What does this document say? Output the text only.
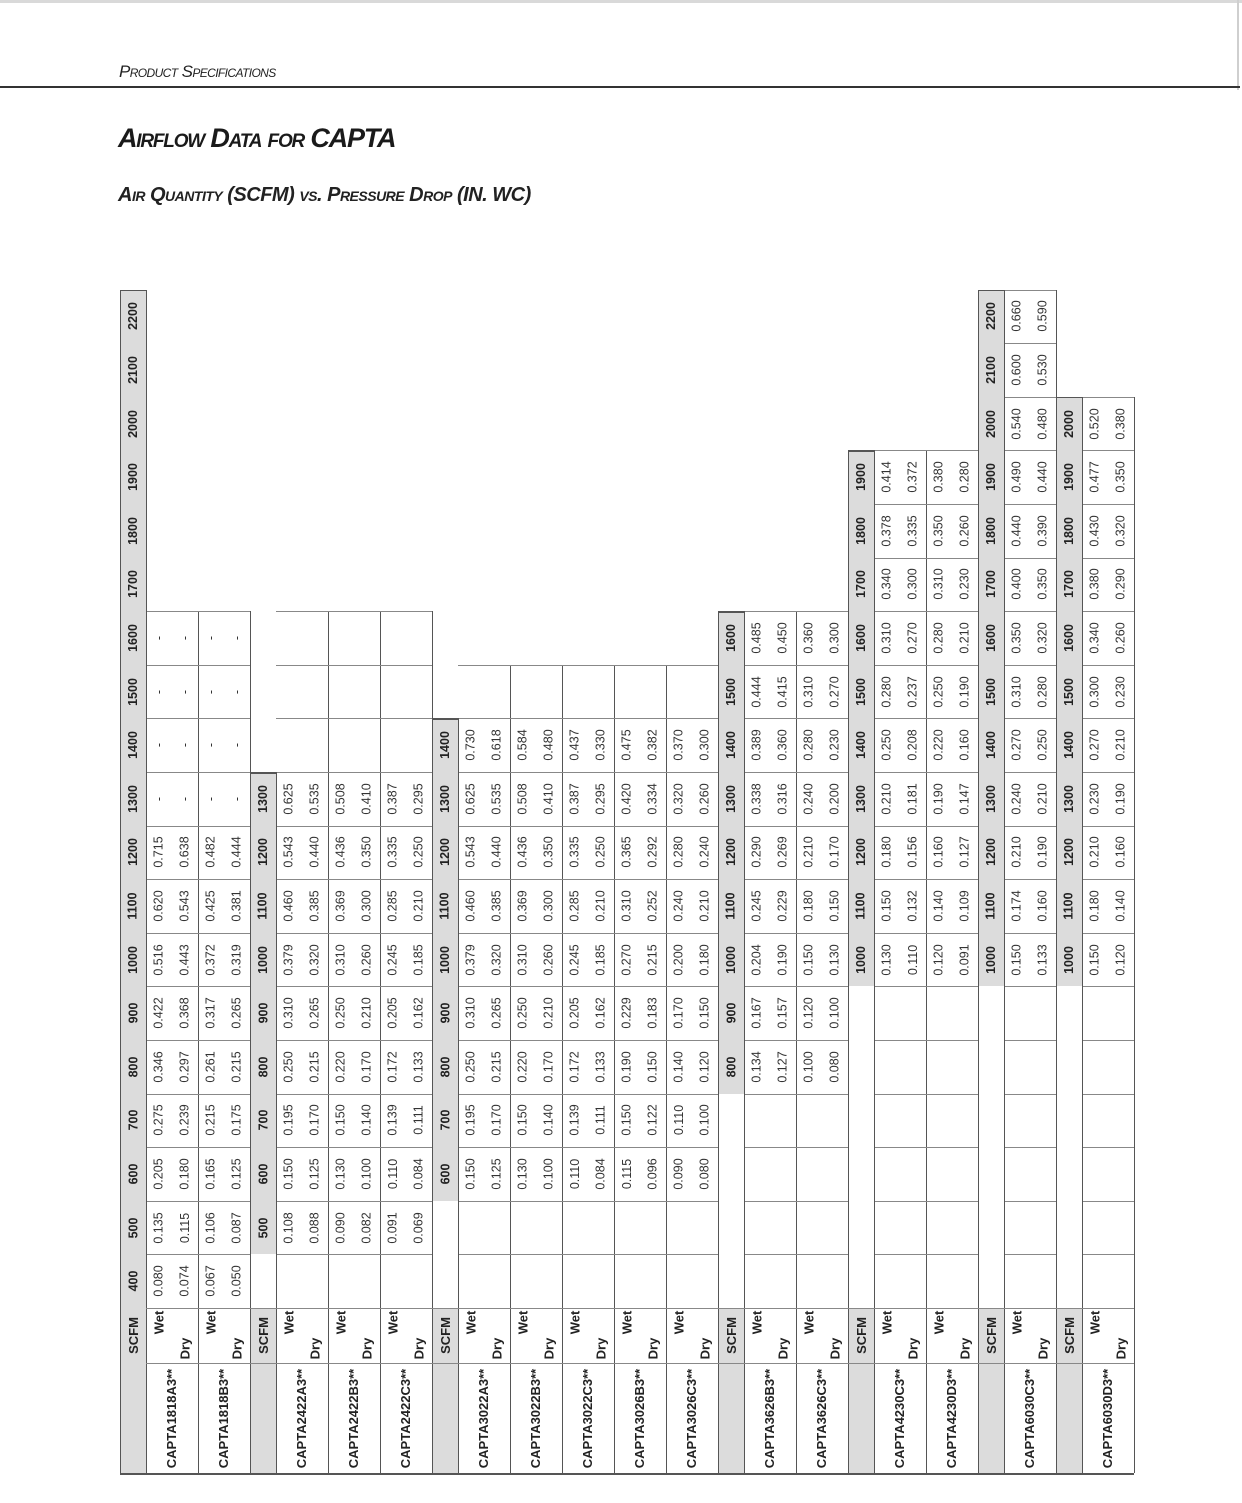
Product Specifications
Airflow Data for CAPTA
Air Quantity (SCFM) vs. Pressure Drop (IN. WC)
SCFM
400
500
600
700
800
900
1000
1100
1200
1300
1400
1500
1600
1700
1800
1900
2000
2100
2200
CAPTA1818A3**
Wet
Dry
0.080 0.074
0.135 0.115
0.205 0.180
0.275 0.239
0.346 0.297
0.422 0.368
0.516 0.443
0.620 0.543
0.715 0.638
- -
- -
- -
- -
CAPTA1818B3**
Wet
Dry
0.067 0.050
0.106 0.087
0.165 0.125
0.215 0.175
0.261 0.215
0.317 0.265
0.372 0.319
0.425 0.381
0.482 0.444
- -
- -
- -
- -
SCFM
500
600
700
800
900
1000
1100
1200
1300
CAPTA2422A3**
Wet
Dry
0.108 0.088
0.150 0.125
0.195 0.170
0.250 0.215
0.310 0.265
0.379 0.320
0.460 0.385
0.543 0.440
0.625 0.535
CAPTA2422B3**
Wet
Dry
0.090 0.082
0.130 0.100
0.150 0.140
0.220 0.170
0.250 0.210
0.310 0.260
0.369 0.300
0.436 0.350
0.508 0.410
CAPTA2422C3**
Wet
Dry
0.091 0.069
0.110 0.084
0.139 0.111
0.172 0.133
0.205 0.162
0.245 0.185
0.285 0.210
0.335 0.250
0.387 0.295
SCFM
600
700
800
900
1000
1100
1200
1300
1400
CAPTA3022A3**
Wet
Dry
0.150 0.125
0.195 0.170
0.250 0.215
0.310 0.265
0.379 0.320
0.460 0.385
0.543 0.440
0.625 0.535
0.730 0.618
CAPTA3022B3**
Wet
Dry
0.130 0.100
0.150 0.140
0.220 0.170
0.250 0.210
0.310 0.260
0.369 0.300
0.436 0.350
0.508 0.410
0.584 0.480
CAPTA3022C3**
Wet
Dry
0.110 0.084
0.139 0.111
0.172 0.133
0.205 0.162
0.245 0.185
0.285 0.210
0.335 0.250
0.387 0.295
0.437 0.330
CAPTA3026B3**
Wet
Dry
0.115 0.096
0.150 0.122
0.190 0.150
0.229 0.183
0.270 0.215
0.310 0.252
0.365 0.292
0.420 0.334
0.475 0.382
CAPTA3026C3**
Wet
Dry
0.090 0.080
0.110 0.100
0.140 0.120
0.170 0.150
0.200 0.180
0.240 0.210
0.280 0.240
0.320 0.260
0.370 0.300
SCFM
800
900
1000
1100
1200
1300
1400
1500
1600
CAPTA3626B3**
Wet
Dry
0.134 0.127
0.167 0.157
0.204 0.190
0.245 0.229
0.290 0.269
0.338 0.316
0.389 0.360
0.444 0.415
0.485 0.450
CAPTA3626C3**
Wet
Dry
0.100 0.080
0.120 0.100
0.150 0.130
0.180 0.150
0.210 0.170
0.240 0.200
0.280 0.230
0.310 0.270
0.360 0.300
SCFM
1000
1100
1200
1300
1400
1500
1600
1700
1800
1900
CAPTA4230C3**
Wet
Dry
0.130 0.110
0.150 0.132
0.180 0.156
0.210 0.181
0.250 0.208
0.280 0.237
0.310 0.270
0.340 0.300
0.378 0.335
0.414 0.372
CAPTA4230D3**
Wet
Dry
0.120 0.091
0.140 0.109
0.160 0.127
0.190 0.147
0.220 0.160
0.250 0.190
0.280 0.210
0.310 0.230
0.350 0.260
0.380 0.280
SCFM
1000
1100
1200
1300
1400
1500
1600
1700
1800
1900
2000
2100
2200
CAPTA6030C3**
Wet
Dry
0.150 0.133
0.174 0.160
0.210 0.190
0.240 0.210
0.270 0.250
0.310 0.280
0.350 0.320
0.400 0.350
0.440 0.390
0.490 0.440
0.540 0.480
0.600 0.530
0.660 0.590
SCFM
1000
1100
1200
1300
1400
1500
1600
1700
1800
1900
2000
CAPTA6030D3**
Wet
Dry
0.150 0.120
0.180 0.140
0.210 0.160
0.230 0.190
0.270 0.210
0.300 0.230
0.340 0.260
0.380 0.290
0.430 0.320
0.477 0.350
0.520 0.380
